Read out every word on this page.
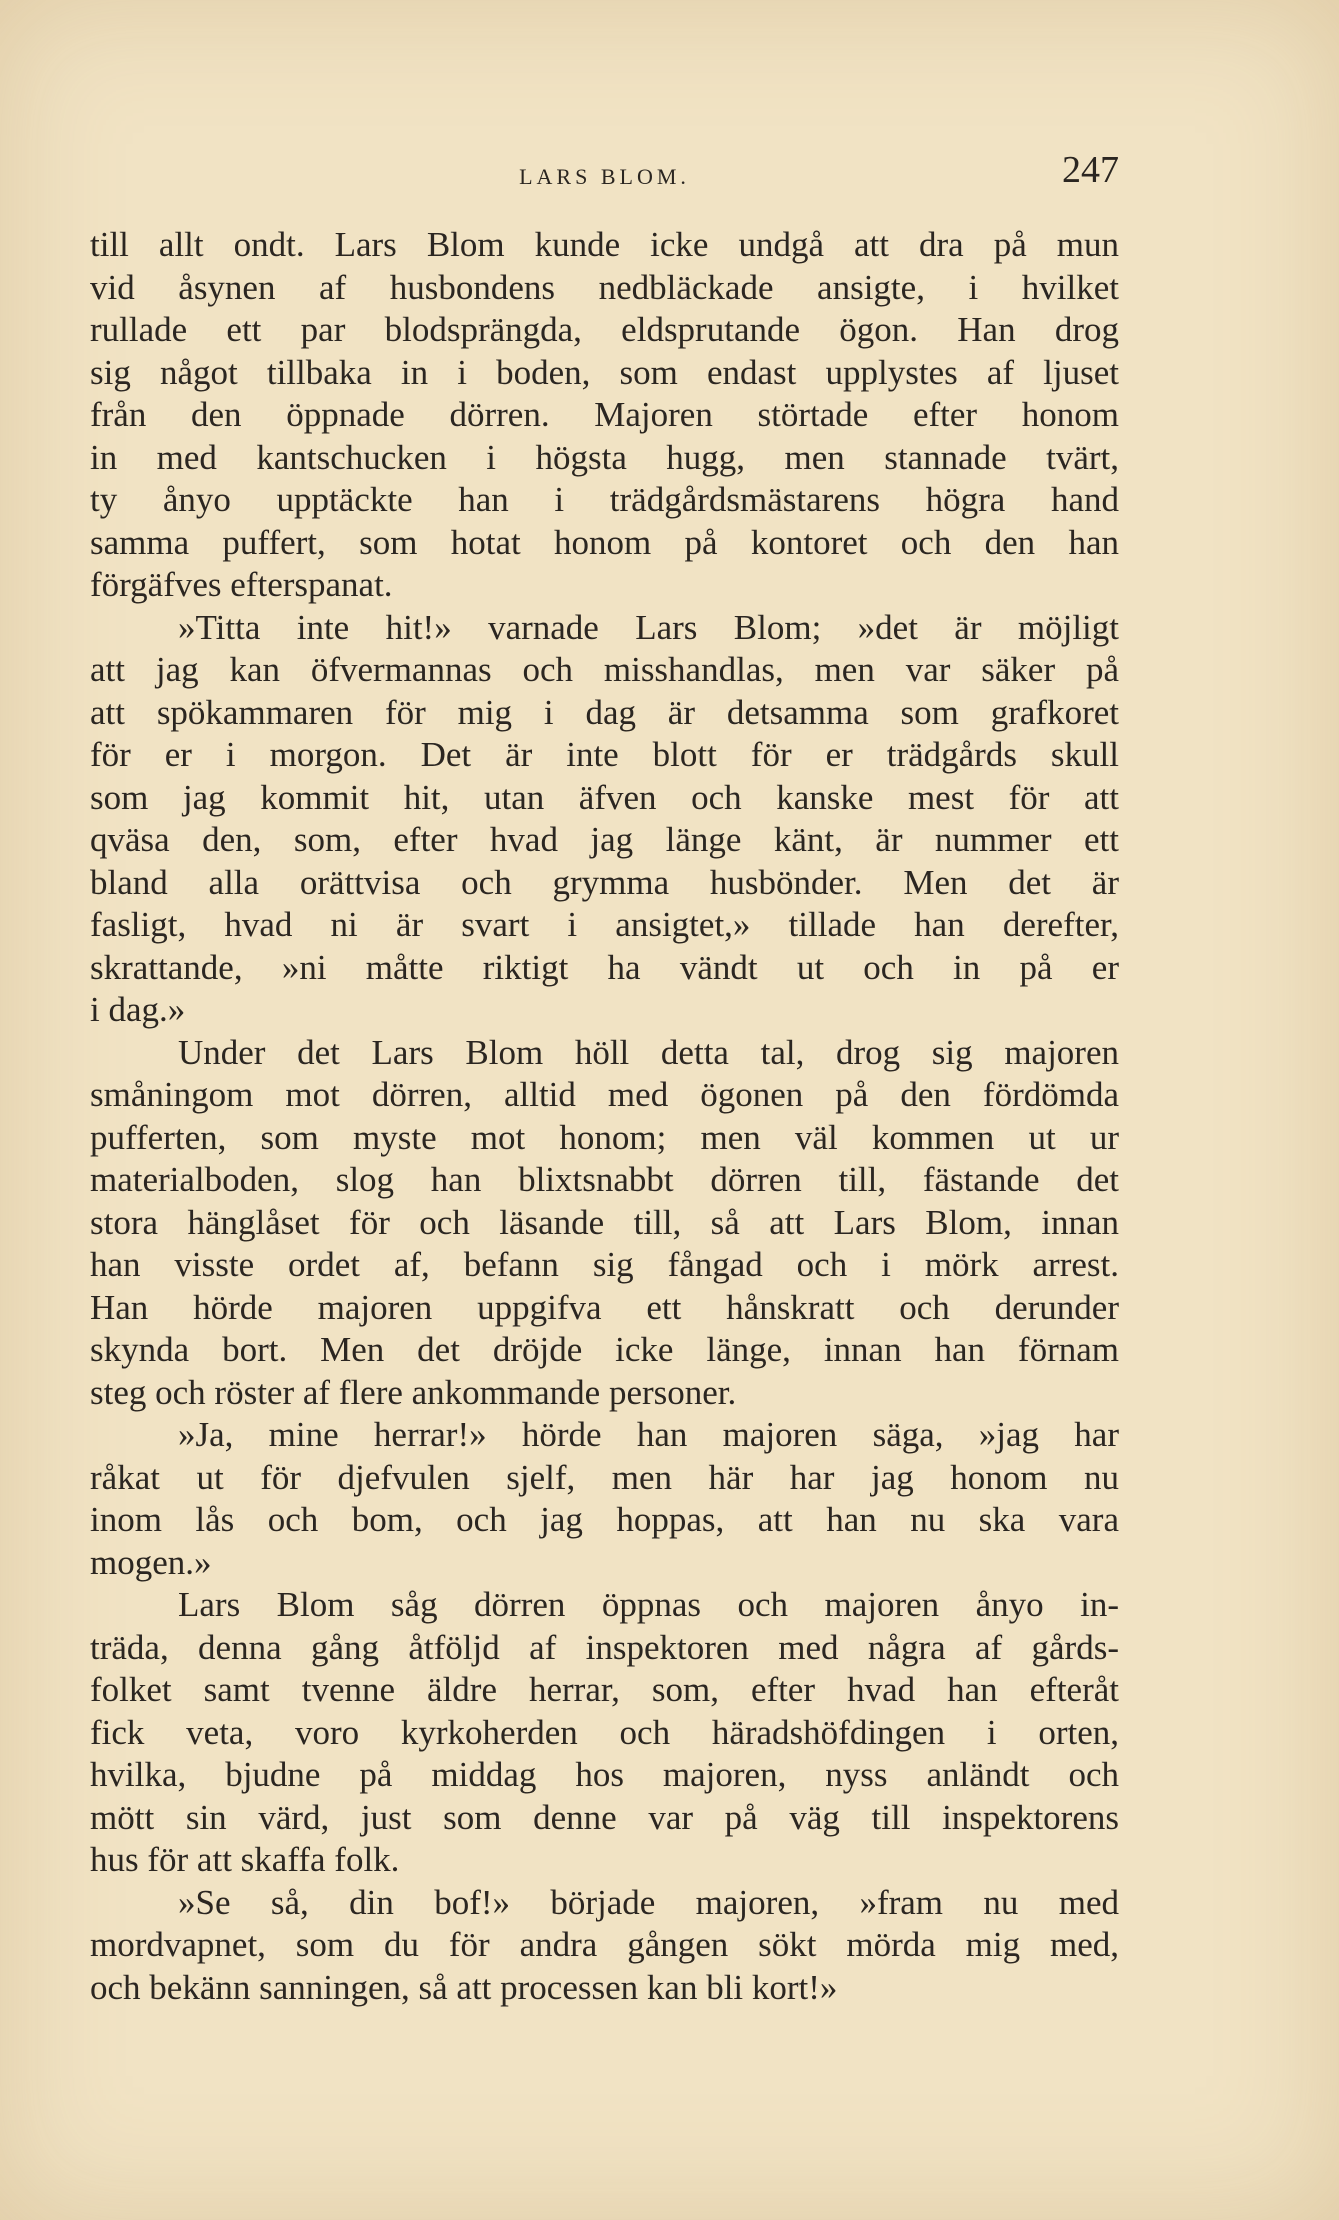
LARS BLOM.	247
till allt ondt. Lars Blom kunde icke undgå att dra på mun
vid åsynen af husbondens nedbläckade ansigte, i hvilket
rullade ett par blodsprängda, eldsprutande ögon. Han drog
sig något tillbaka in i boden, som endast upplystes af ljuset
från den öppnade dörren. Majoren störtade efter honom
in med kantschucken i högsta hugg, men stannade tvärt,
ty ånyo upptäckte han i trädgårdsmästarens högra hand
samma puffert, som hotat honom på kontoret och den han
förgäfves efterspanat.
»Titta inte hit!» varnade Lars Blom; »det är möjligt
att jag kan öfvermannas och misshandlas, men var säker på
att spökammaren för mig i dag är detsamma som grafkoret
för er i morgon. Det är inte blott för er trädgårds skull
som jag kommit hit, utan äfven och kanske mest för att
qväsa den, som, efter hvad jag länge känt, är nummer ett
bland alla orättvisa och grymma husbönder. Men det är
fasligt, hvad ni är svart i ansigtet,» tillade han derefter,
skrattande, »ni måtte riktigt ha vändt ut och in på er
i dag.»
Under det Lars Blom höll detta tal, drog sig majoren
småningom mot dörren, alltid med ögonen på den fördömda
pufferten, som myste mot honom; men väl kommen ut ur
materialboden, slog han blixtsnabbt dörren till, fästande det
stora hänglåset för och läsande till, så att Lars Blom, innan
han visste ordet af, befann sig fångad och i mörk arrest.
Han hörde majoren uppgifva ett hånskratt och derunder
skynda bort. Men det dröjde icke länge, innan han förnam
steg och röster af flere ankommande personer.
»Ja, mine herrar!» hörde han majoren säga, »jag har
råkat ut för djefvulen sjelf, men här har jag honom nu
inom lås och bom, och jag hoppas, att han nu ska vara
mogen.»
Lars Blom såg dörren öppnas och majoren ånyo in-
träda, denna gång åtföljd af inspektoren med några af gårds-
folket samt tvenne äldre herrar, som, efter hvad han efteråt
fick veta, voro kyrkoherden och häradshöfdingen i orten,
hvilka, bjudne på middag hos majoren, nyss anländt och
mött sin värd, just som denne var på väg till inspektorens
hus för att skaffa folk.
»Se så, din bof!» började majoren, »fram nu med
mordvapnet, som du för andra gången sökt mörda mig med,
och bekänn sanningen, så att processen kan bli kort!»
